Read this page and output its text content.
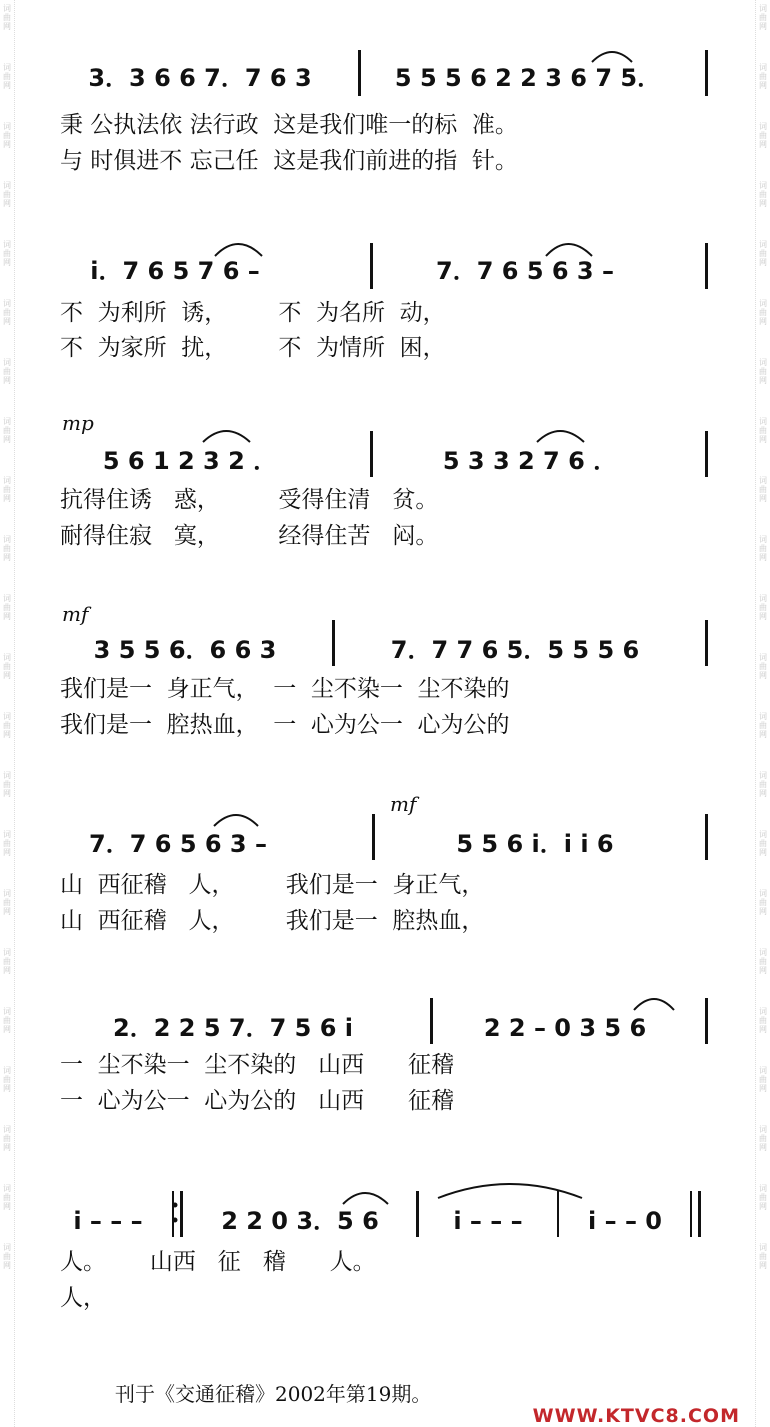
词曲网
词曲网
词曲网
词曲网
词曲网
词曲网
词曲网
词曲网
词曲网
词曲网
词曲网
词曲网
词曲网
词曲网
词曲网
词曲网
词曲网
词曲网
词曲网
词曲网
词曲网
词曲网
词曲网
词曲网
词曲网
词曲网
词曲网
词曲网
词曲网
词曲网
词曲网
词曲网
词曲网
词曲网
词曲网
词曲网
词曲网
词曲网
词曲网
词曲网
词曲网
词曲网
词曲网
词曲网
3．3 6 6 7．7 6 3	5 5 5 6 2 2 3 6 7 5．
秉 公执法依 法行政  这是我们唯一的标  准。
与 时俱进不 忘己任  这是我们前进的指  针。
i．7 6 5 7 6 –	7．7 6 5 6 3 –
不  为利所  诱，       不  为名所  动，
不  为家所  扰，       不  为情所  困，
mp
5 6 1 2 3 2 ．	5 3 3 2 7 6 ．
抗得住诱   惑，        受得住清   贫。
耐得住寂   寞，        经得住苦   闷。
mf
3 5 5 6．6 6 3	7．7 7 6 5．5 5 5 6
我们是一  身正气，  一  尘不染一  尘不染的
我们是一  腔热血，  一  心为公一  心为公的
mf
7．7 6 5 6 3 –	5 5 6 i．i i 6
山  西征稽   人，       我们是一  身正气，
山  西征稽   人，       我们是一  腔热血，
2．2 2 5 7．7 5 6 i	2 2 – 0 3 5 6
一  尘不染一  尘不染的   山西      征稽
一  心为公一  心为公的   山西      征稽
i – – –	2 2 0 3．5 6	i – – –	i – – 0
人。      山西   征   稽      人。
人，
刊于《交通征稽》2002年第19期。
WWW.KTVC8.COM
